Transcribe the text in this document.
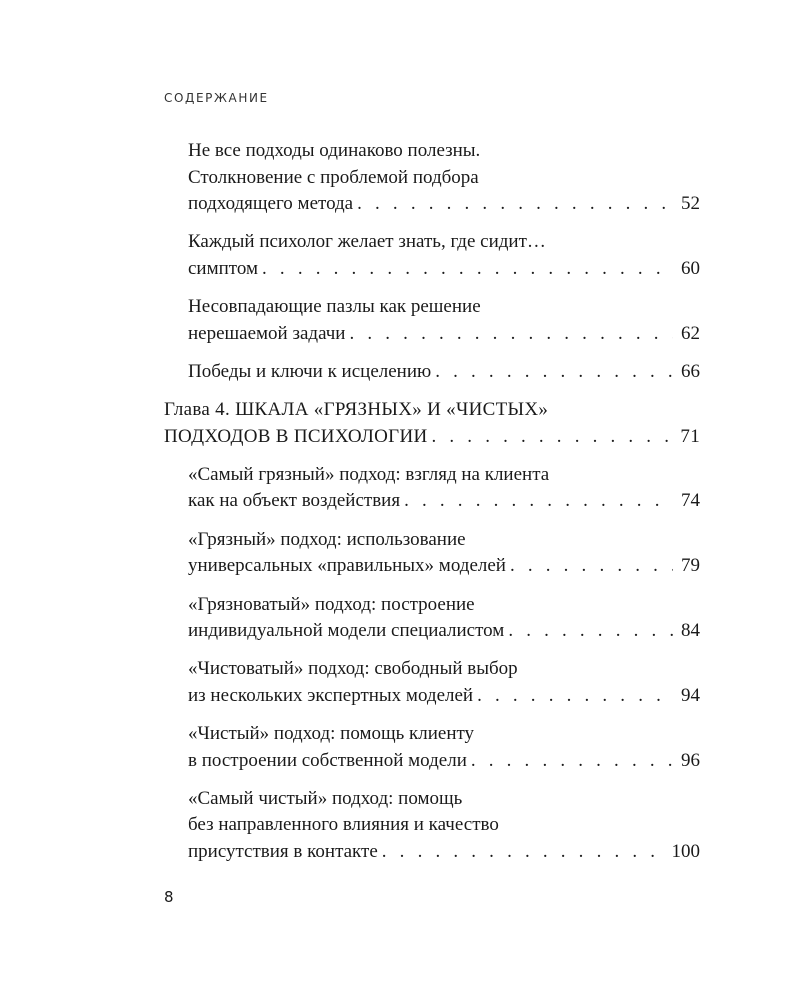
СОДЕРЖАНИЕ
Не все подходы одинаково полезны.
Столкновение с проблемой подбора
подходящего метода . . .	52
Каждый психолог желает знать, где сидит…
симптом . . .	60
Несовпадающие пазлы как решение
нерешаемой задачи . . .	62
Победы и ключи к исцелению . . .	66
Глава 4. ШКАЛА «ГРЯЗНЫХ» И «ЧИСТЫХ»
ПОДХОДОВ В ПСИХОЛОГИИ . . .	71
«Самый грязный» подход: взгляд на клиента
как на объект воздействия . . .	74
«Грязный» подход: использование
универсальных «правильных» моделей . . .	79
«Грязноватый» подход: построение
индивидуальной модели специалистом . . .	84
«Чистоватый» подход: свободный выбор
из нескольких экспертных моделей . . .	94
«Чистый» подход: помощь клиенту
в построении собственной модели . . .	96
«Самый чистый» подход: помощь
без направленного влияния и качество
присутствия в контакте . . .	100
8
